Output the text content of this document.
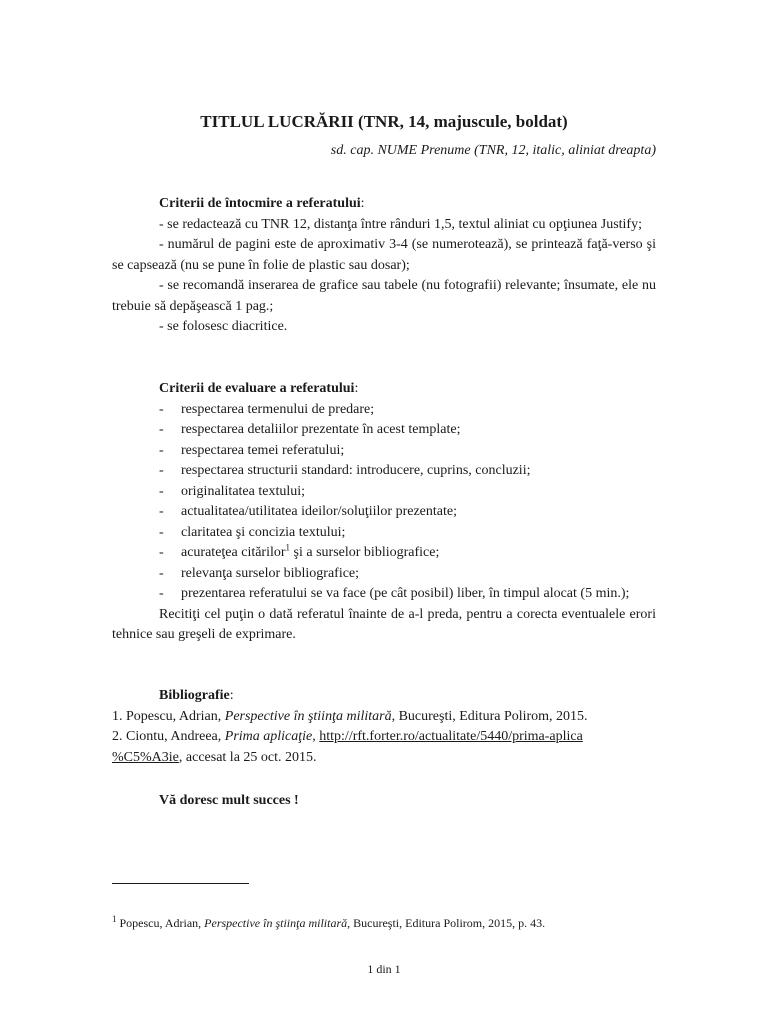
TITLUL LUCRĂRII (TNR, 14, majuscule, boldat)
sd. cap. NUME Prenume (TNR, 12, italic, aliniat dreapta)
Criterii de întocmire a referatului:
- se redactează cu TNR 12, distanţa între rânduri 1,5, textul aliniat cu opţiunea Justify;
- numărul de pagini este de aproximativ 3-4 (se numerotează), se printează faţă-verso şi se capsează (nu se pune în folie de plastic sau dosar);
- se recomandă inserarea de grafice sau tabele (nu fotografii) relevante; însumate, ele nu trebuie să depăşească 1 pag.;
- se folosesc diacritice.
Criterii de evaluare a referatului:
- respectarea termenului de predare;
- respectarea detaliilor prezentate în acest template;
- respectarea temei referatului;
- respectarea structurii standard: introducere, cuprins, concluzii;
- originalitatea textului;
- actualitatea/utilitatea ideilor/soluţiilor prezentate;
- claritatea şi concizia textului;
- acurateţea citărilor$^1$ şi a surselor bibliografice;
- relevanţa surselor bibliografice;
- prezentarea referatului se va face (pe cât posibil) liber, în timpul alocat (5 min.);
Recitiţi cel puţin o dată referatul înainte de a-l preda, pentru a corecta eventualele erori tehnice sau greşeli de exprimare.
Bibliografie:
1. Popescu, Adrian, Perspective în ştiinţa militară, Bucureşti, Editura Polirom, 2015.
2. Ciontu, Andreea, Prima aplicaţie, http://rft.forter.ro/actualitate/5440/prima-aplica
%C5%A3ie, accesat la 25 oct. 2015.
Vă doresc mult succes !
$^1$ Popescu, Adrian, Perspective în ştiinţa militară, Bucureşti, Editura Polirom, 2015, p. 43.
1 din 1
